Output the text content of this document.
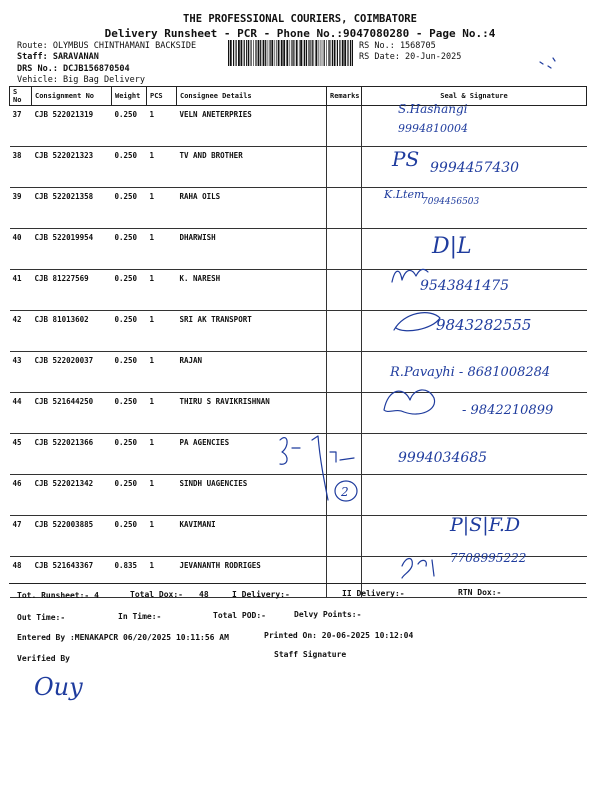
THE PROFESSIONAL COURIERS, COIMBATORE
Delivery Runsheet - PCR - Phone No.:9047080280 - Page No.:4
Route: OLYMBUS CHINTHAMANI BACKSIDE
Staff: SARAVANAN
DRS No.: DCJB156870504
Vehicle: Big Bag Delivery
RS No.: 1568705
RS Date: 20-Jun-2025
S No	Consignment No	Weight	PCS	Consignee Details	Remarks	Seal & Signature
37	CJB 522021319	0.250	1	VELN ANETERPRIES		
38	CJB 522021323	0.250	1	TV AND BROTHER		
39	CJB 522021358	0.250	1	RAHA OILS		
40	CJB 522019954	0.250	1	DHARWISH		
41	CJB 81227569	0.250	1	K. NARESH		
42	CJB 81013602	0.250	1	SRI AK TRANSPORT		
43	CJB 522020037	0.250	1	RAJAN		
44	CJB 521644250	0.250	1	THIRU S RAVIKRISHNAN		
45	CJB 522021366	0.250	1	PA AGENCIES		
46	CJB 522021342	0.250	1	SINDH UAGENCIES		
47	CJB 522003885	0.250	1	KAVIMANI		
48	CJB 521643367	0.835	1	JEVANANTH RODRIGES		
S.Hashangi
9994810004
PS 9994457430
K.Ltem
7094456503
D|L
9543841475
9843282555
R.Pavayhi - 8681008284
- 9842210899
9994034685
2
P|S|F.D
7708995222
Ouy
Tot. Runsheet:- 4	Total Dox:- 48	I Delivery:-	II Delivery:-	RTN Dox:-
Out Time:-	In Time:-	Total POD:-	Delvy Points:-
Entered By :MENAKAPCR 06/20/2025 10:11:56 AM	Printed On: 20-06-2025 10:12:04
Verified By	Staff Signature
